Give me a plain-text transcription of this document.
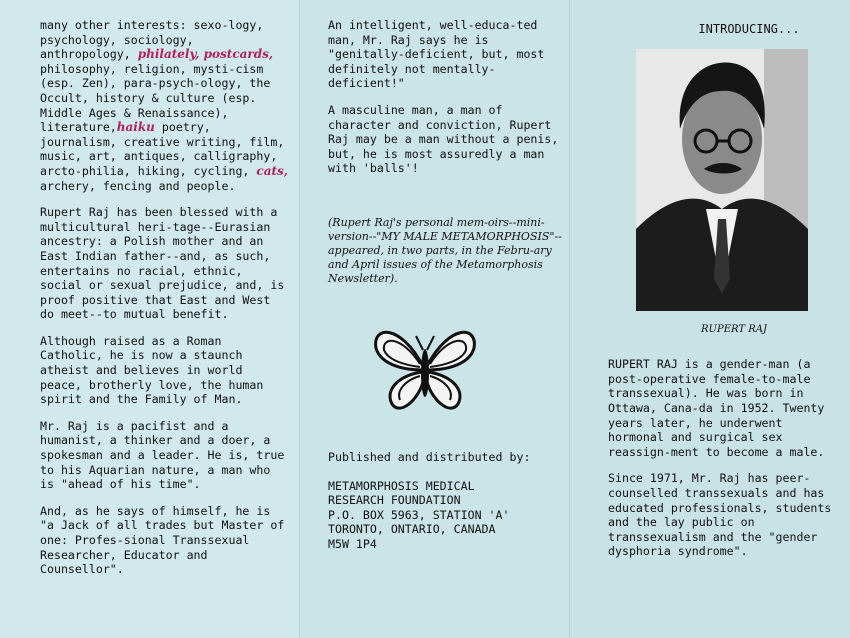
many other interests: sexo-logy, psychology, sociology, anthropology, philately, postcards, philosophy, religion, mysti-cism (esp. Zen), para-psych-ology, the Occult, history & culture (esp. Middle Ages & Renaissance), literature,haiku poetry, journalism, creative writing, film, music, art, antiques, calligraphy, arcto-philia, hiking, cycling, cats, archery, fencing and people.

Rupert Raj has been blessed with a multicultural heri-tage--Eurasian ancestry: a Polish mother and an East Indian father--and, as such, entertains no racial, ethnic, social or sexual prejudice, and, is proof positive that East and West do meet--to mutual benefit.

Although raised as a Roman Catholic, he is now a staunch atheist and believes in world peace, brotherly love, the human spirit and the Family of Man.

Mr. Raj is a pacifist and a humanist, a thinker and a doer, a spokesman and a leader. He is, true to his Aquarian nature, a man who is "ahead of his time".

And, as he says of himself, he is "a Jack of all trades but Master of one: Profes-sional Transsexual Researcher, Educator and Counsellor".

An intelligent, well-educa-ted man, Mr. Raj says he is "genitally-deficient, but, most definitely not mentally-deficient!"

A masculine man, a man of character and conviction, Rupert Raj may be a man without a penis, but, he is most assuredly a man with 'balls'!

(Rupert Raj's personal mem-oirs--mini-version--"MY MALE METAMORPHOSIS"--appeared, in two parts, in the Febru-ary and April issues of the Metamorphosis Newsletter).

Published and distributed by:

METAMORPHOSIS MEDICAL

RESEARCH FOUNDATION

P.O. BOX 5963, STATION 'A'

TORONTO, ONTARIO, CANADA

M5W 1P4

INTRODUCING...

RUPERT RAJ

RUPERT RAJ is a gender-man (a post-operative female-to-male transsexual). He was born in Ottawa, Cana-da in 1952. Twenty years later, he underwent hormonal and surgical sex reassign-ment to become a male.

Since 1971, Mr. Raj has peer-counselled transsexuals and has educated professionals, students and the lay public on transsexualism and the "gender dysphoria syndrome".
